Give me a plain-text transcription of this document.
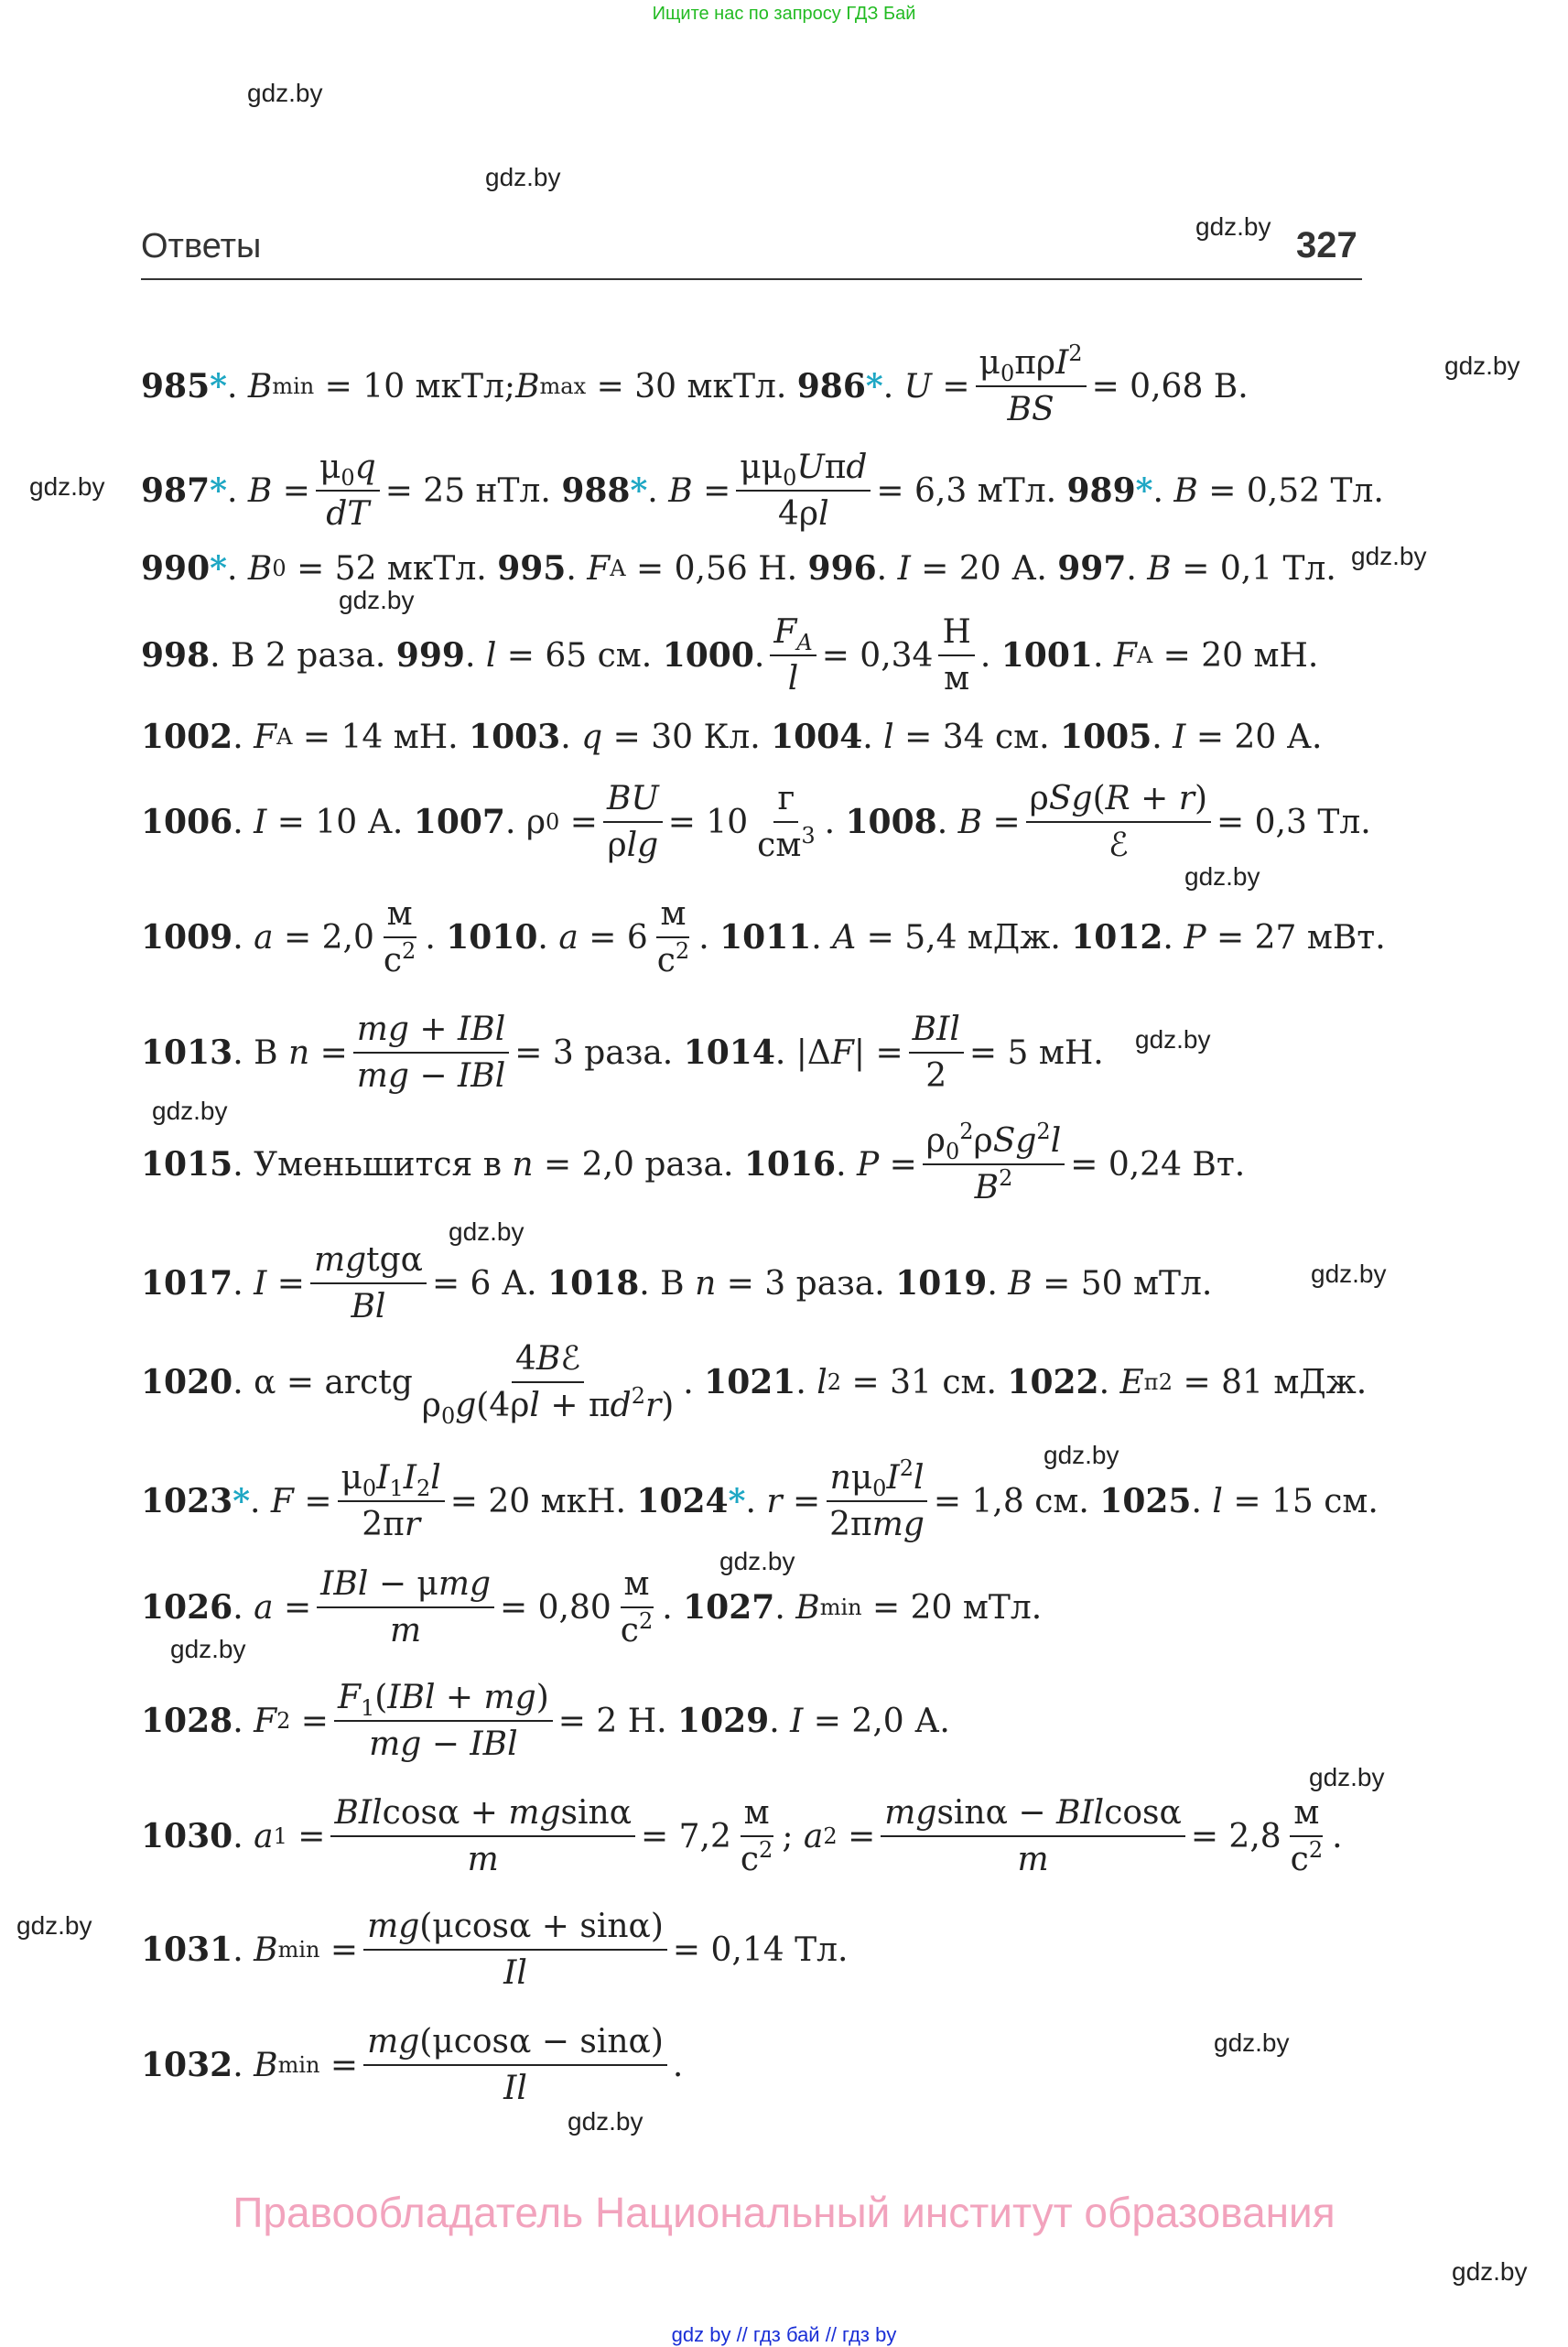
Ищите нас по запросу ГДЗ Бай
gdz.by
gdz.by
gdz.by
gdz.by
gdz.by
gdz.by
gdz.by
gdz.by
gdz.by
gdz.by
gdz.by
gdz.by
gdz.by
gdz.by
gdz.by
gdz.by
gdz.by
gdz.by
gdz.by
gdz.by
Ответы	327
985 * . B min = 10 мкТл; B max = 30 мкТл. 986 * . $U = \frac{\mu_0\pi\rho I^2}{BS} = 0,68$ В.
987 * . $B = \frac{\mu_0q}{dT} = 25$ нТл. 988 * . $B = \frac{\mu\mu_0U\pi d}{4\rho l} = 6,3$ мТл. 989 * . B = 0,52 Тл.
990 * . B 0 = 52 мкТл. 995 . F A = 0,56 Н. 996 . I = 20 А. 997 . B = 0,1 Тл.
998 . В 2 раза. 999 . l = 65 см. 1000 . $\frac{F_A}{l} = 0,34 \frac{Н}{м}$ . 1001 . F A = 20 мН.
1002 . F A = 14 мН. 1003 . q = 30 Кл. 1004 . l = 34 см. 1005 . I = 20 А.
1006 . I = 10 А. 1007 . ρ $0 = \frac{BU}{\rho\lg} = 10 \frac{г}{см^3}$ . 1008 . $B = \frac{\text{ρSg(R + r)}}{\text{ℰ}} = 0,3$ Тл.
1009 . $a = 2,0 \frac{м}{с^2}$ . 1010 . $a = 6 \frac{м}{с^2}$ . 1011 . A = 5,4 мДж. 1012 . P = 27 мВт.
1013 . В $n = \frac{\text{mg + IBl}}{\text{mg − IBl}} = 3$ раза. 1014 . |Δ F | = $\frac{\text{BIl}}{2} = 5$ мН.
1015 . Уменьшится в n = 2,0 раза. 1016 . $P = \frac{\rho_0^2\rho Sg^2l}{B^2} = 0,24$ Вт.
1017 . $I = \frac{\text{mgtgα}}{Bl} = 6$ А. 1018 . В n = 3 раза. 1019 . B = 50 мТл.
1020 . α = arctg $\frac{\text{4Bℰ}}{\rho_0g(4\rho l + \pi d^2r)}$ . 1021 . l 2 = 31 см. 1022 . E п2 = 81 мДж.
1023 * . $F = \frac{\mu_0I_1I_2l}{2\pi r} = 20$ мкН. 1024 * . $r = \frac{n\mu_0I^2l}{\text{2πmg}} = 1,8$ см. 1025 . l = 15 см.
1026 . $a = \frac{\text{IBl − μmg}}{m} = 0,80 \frac{м}{с^2}$ . 1027 . B min = 20 мТл.
1028 . F $2 = \frac{F_1(IBl + mg)}{\text{mg − IBl}} = 2$ Н. 1029 . I = 2,0 А.
1030 . a $1 = \frac{\text{BIlcosα + mgsinα}}{m} = 7,2 \frac{м}{с^2}$ ; a $2 = \frac{\text{mgsinα − BIlcosα}}{m} = 2,8 \frac{м}{с^2}$ .
1031 . B $\min = \frac{mg(\mu\cos\alpha + \sin\alpha)}{Il} = 0,14$ Тл.
1032 . B $\min = \frac{mg(\mu\cos\alpha - \sin\alpha)}{Il}$ .
Правообладатель Национальный институт образования
gdz by // гдз бай // гдз by
